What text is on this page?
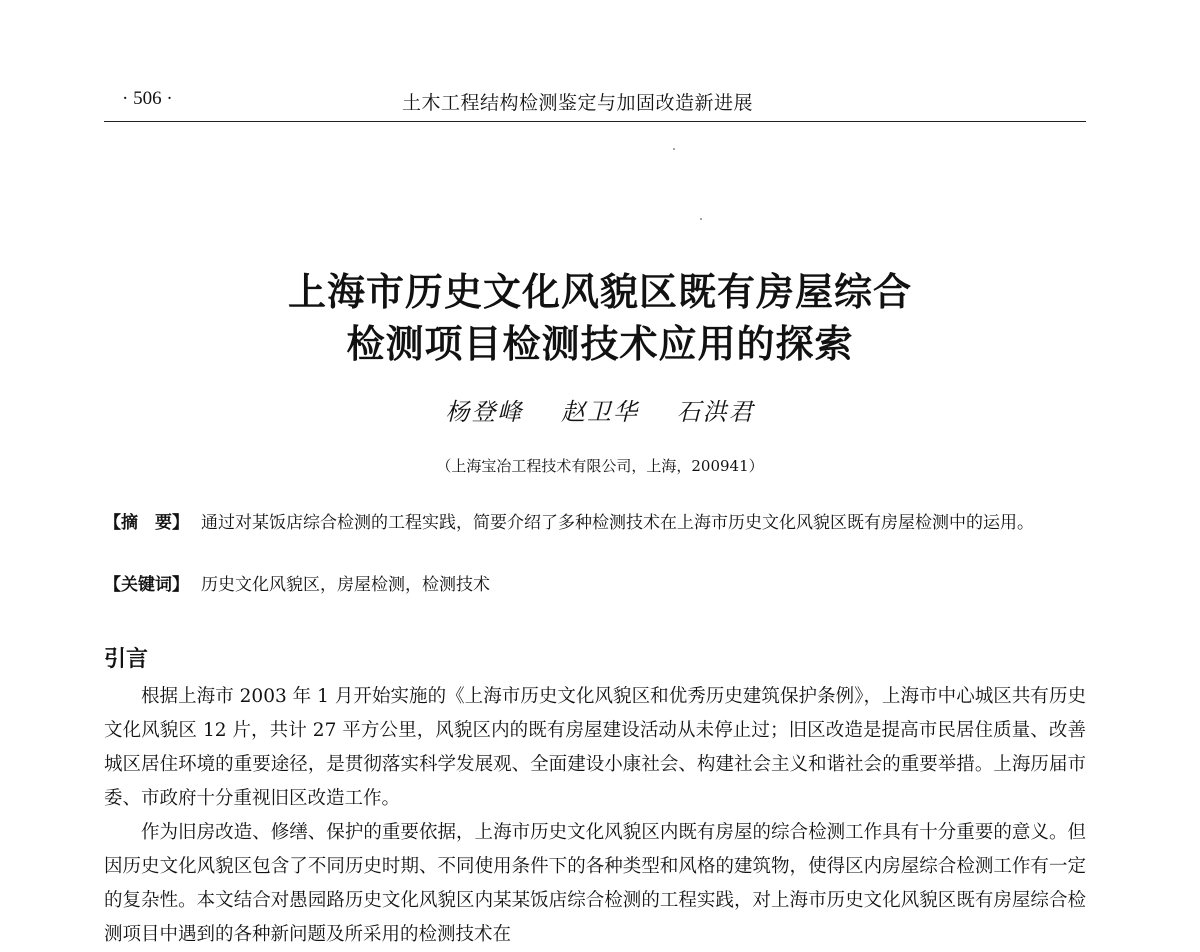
· 506 ·	土木工程结构检测鉴定与加固改造新进展
上海市历史文化风貌区既有房屋综合
检测项目检测技术应用的探索
杨登峰 赵卫华 石洪君
（上海宝冶工程技术有限公司，上海，200941）
【摘　要】 通过对某饭店综合检测的工程实践，简要介绍了多种检测技术在上海市历史文化风貌区既有房屋检测中的运用。
【关键词】 历史文化风貌区，房屋检测，检测技术
引言

根据上海市 2003 年 1 月开始实施的《上海市历史文化风貌区和优秀历史建筑保护条例》，上海市中心城区共有历史文化风貌区 12 片，共计 27 平方公里，风貌区内的既有房屋建设活动从未停止过；旧区改造是提高市民居住质量、改善城区居住环境的重要途径，是贯彻落实科学发展观、全面建设小康社会、构建社会主义和谐社会的重要举措。上海历届市委、市政府十分重视旧区改造工作。

作为旧房改造、修缮、保护的重要依据，上海市历史文化风貌区内既有房屋的综合检测工作具有十分重要的意义。但因历史文化风貌区包含了不同历史时期、不同使用条件下的各种类型和风格的建筑物，使得区内房屋综合检测工作有一定的复杂性。本文结合对愚园路历史文化风貌区内某某饭店综合检测的工程实践，对上海市历史文化风貌区既有房屋综合检测项目中遇到的各种新问题及所采用的检测技术在
